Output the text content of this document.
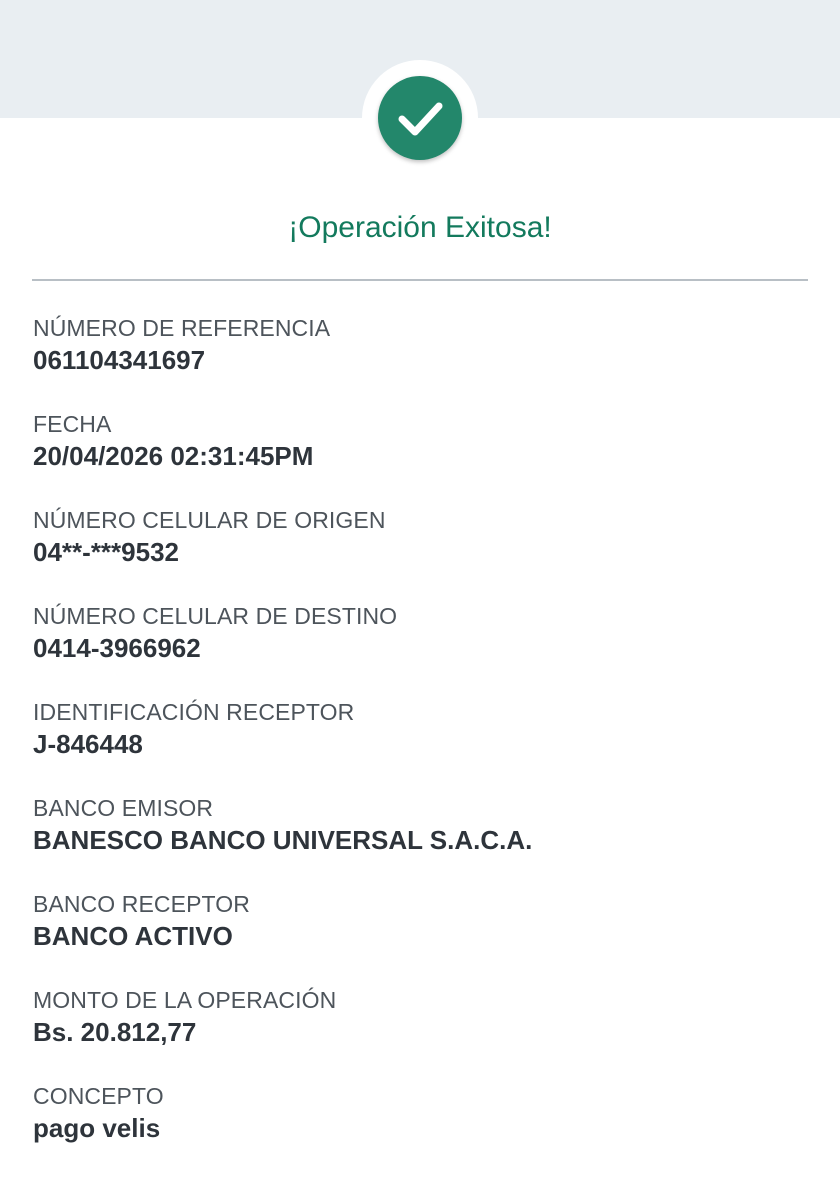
¡Operación Exitosa!
NÚMERO DE REFERENCIA
061104341697
FECHA
20/04/2026 02:31:45PM
NÚMERO CELULAR DE ORIGEN
04**-***9532
NÚMERO CELULAR DE DESTINO
0414-3966962
IDENTIFICACIÓN RECEPTOR
J-846448
BANCO EMISOR
BANESCO BANCO UNIVERSAL S.A.C.A.
BANCO RECEPTOR
BANCO ACTIVO
MONTO DE LA OPERACIÓN
Bs. 20.812,77
CONCEPTO
pago velis
